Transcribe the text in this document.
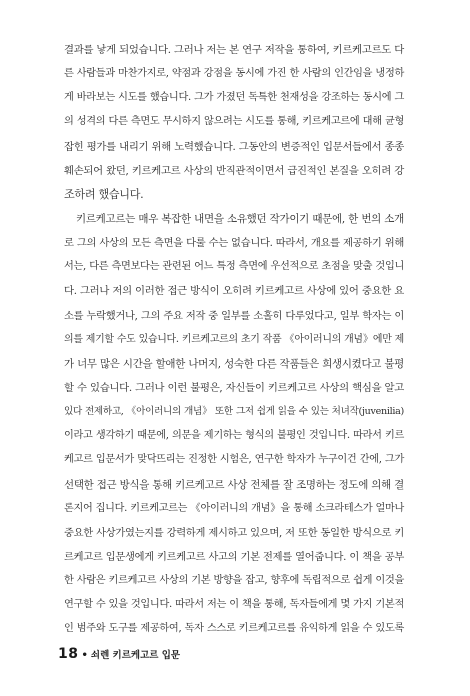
결과를 낳게 되었습니다. 그러나 저는 본 연구 저작을 통하여, 키르케고르도 다
른 사람들과 마찬가지로, 약점과 강점을 동시에 가진 한 사람의 인간임을 냉정하
게 바라보는 시도를 했습니다. 그가 가졌던 독특한 천재성을 강조하는 동시에 그
의 성격의 다른 측면도 무시하지 않으려는 시도를 통해, 키르케고르에 대해 균형
잡힌 평가를 내리기 위해 노력했습니다. 그동안의 변증적인 입문서들에서 종종
훼손되어 왔던, 키르케고르 사상의 반직관적이면서 급진적인 본질을 오히려 강
조하려 했습니다.
키르케고르는 매우 복잡한 내면을 소유했던 작가이기 때문에, 한 번의 소개
로 그의 사상의 모든 측면을 다룰 수는 없습니다. 따라서, 개요를 제공하기 위해
서는, 다른 측면보다는 관련된 어느 특정 측면에 우선적으로 초점을 맞출 것입니
다. 그러나 저의 이러한 접근 방식이 오히려 키르케고르 사상에 있어 중요한 요
소를 누락했거나, 그의 주요 저작 중 일부를 소홀히 다루었다고, 일부 학자는 이
의를 제기할 수도 있습니다. 키르케고르의 초기 작품 《아이러니의 개념》에만 제
가 너무 많은 시간을 할애한 나머지, 성숙한 다른 작품들은 희생시켰다고 불평
할 수 있습니다. 그러나 이런 불평은, 자신들이 키르케고르 사상의 핵심을 알고
있다 전제하고, 《아이러니의 개념》 또한 그저 쉽게 읽을 수 있는 처녀작(juvenilia)
이라고 생각하기 때문에, 의문을 제기하는 형식의 불평인 것입니다. 따라서 키르
케고르 입문서가 맞닥뜨리는 진정한 시험은, 연구한 학자가 누구이건 간에, 그가
선택한 접근 방식을 통해 키르케고르 사상 전체를 잘 조명하는 정도에 의해 결
론지어 집니다. 키르케고르는 《아이러니의 개념》을 통해 소크라테스가 얼마나
중요한 사상가였는지를 강력하게 제시하고 있으며, 저 또한 동일한 방식으로 키
르케고르 입문생에게 키르케고르 사고의 기본 전제를 열어줍니다. 이 책을 공부
한 사람은 키르케고르 사상의 기본 방향을 잡고, 향후에 독립적으로 쉽게 이것을
연구할 수 있을 것입니다. 따라서 저는 이 책을 통해, 독자들에게 몇 가지 기본적
인 범주와 도구를 제공하여, 독자 스스로 키르케고르를 유익하게 읽을 수 있도록
18 • 쇠렌 키르케고르 입문
